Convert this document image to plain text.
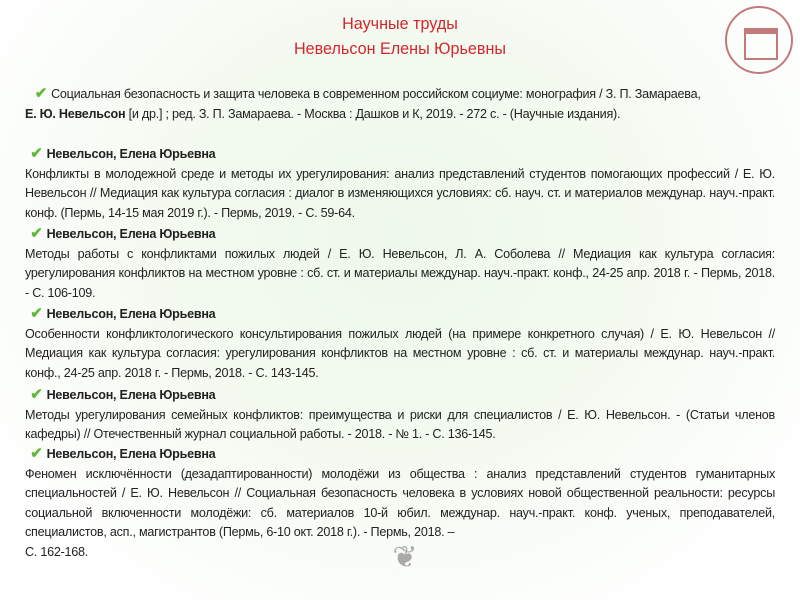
Научные труды
Невельсон Елены Юрьевны
✔ Социальная безопасность и защита человека в современном российском социуме: монография / З. П. Замараева,
Е. Ю. Невельсон [и др.] ; ред. З. П. Замараева. - Москва : Дашков и К, 2019. - 272 с. - (Научные издания).
✔ Невельсон, Елена Юрьевна
Конфликты в молодежной среде и методы их урегулирования: анализ представлений студентов помогающих профессий / Е. Ю. Невельсон // Медиация как культура согласия : диалог в изменяющихся условиях: сб. науч. ст. и материалов междунар. науч.-практ. конф. (Пермь, 14-15 мая 2019 г.). - Пермь, 2019. - С. 59-64.
✔ Невельсон, Елена Юрьевна
Методы работы с конфликтами пожилых людей / Е. Ю. Невельсон, Л. А. Соболева // Медиация как культура согласия: урегулирования конфликтов на местном уровне : сб. ст. и материалы междунар. науч.-практ. конф., 24-25 апр. 2018 г. - Пермь, 2018. - С. 106-109.
✔ Невельсон, Елена Юрьевна
Особенности конфликтологического консультирования пожилых людей (на примере конкретного случая) / Е. Ю. Невельсон // Медиация как культура согласия: урегулирования конфликтов на местном уровне : сб. ст. и материалы междунар. науч.-практ. конф., 24-25 апр. 2018 г. - Пермь, 2018. - С. 143-145.
✔ Невельсон, Елена Юрьевна
Методы урегулирования семейных конфликтов: преимущества и риски для специалистов / Е. Ю. Невельсон. - (Статьи членов кафедры) // Отечественный журнал социальной работы. - 2018. - № 1. - С. 136-145.
✔ Невельсон, Елена Юрьевна
Феномен исключённости (дезадаптированности) молодёжи из общества : анализ представлений студентов гуманитарных специальностей / Е. Ю. Невельсон // Социальная безопасность человека в условиях новой общественной реальности: ресурсы социальной включенности молодёжи: сб. материалов 10-й юбил. междунар. науч.-практ. конф. ученых, преподавателей, специалистов, асп., магистрантов (Пермь, 6-10 окт. 2018 г.). - Пермь, 2018. –
С. 162-168.	❦
